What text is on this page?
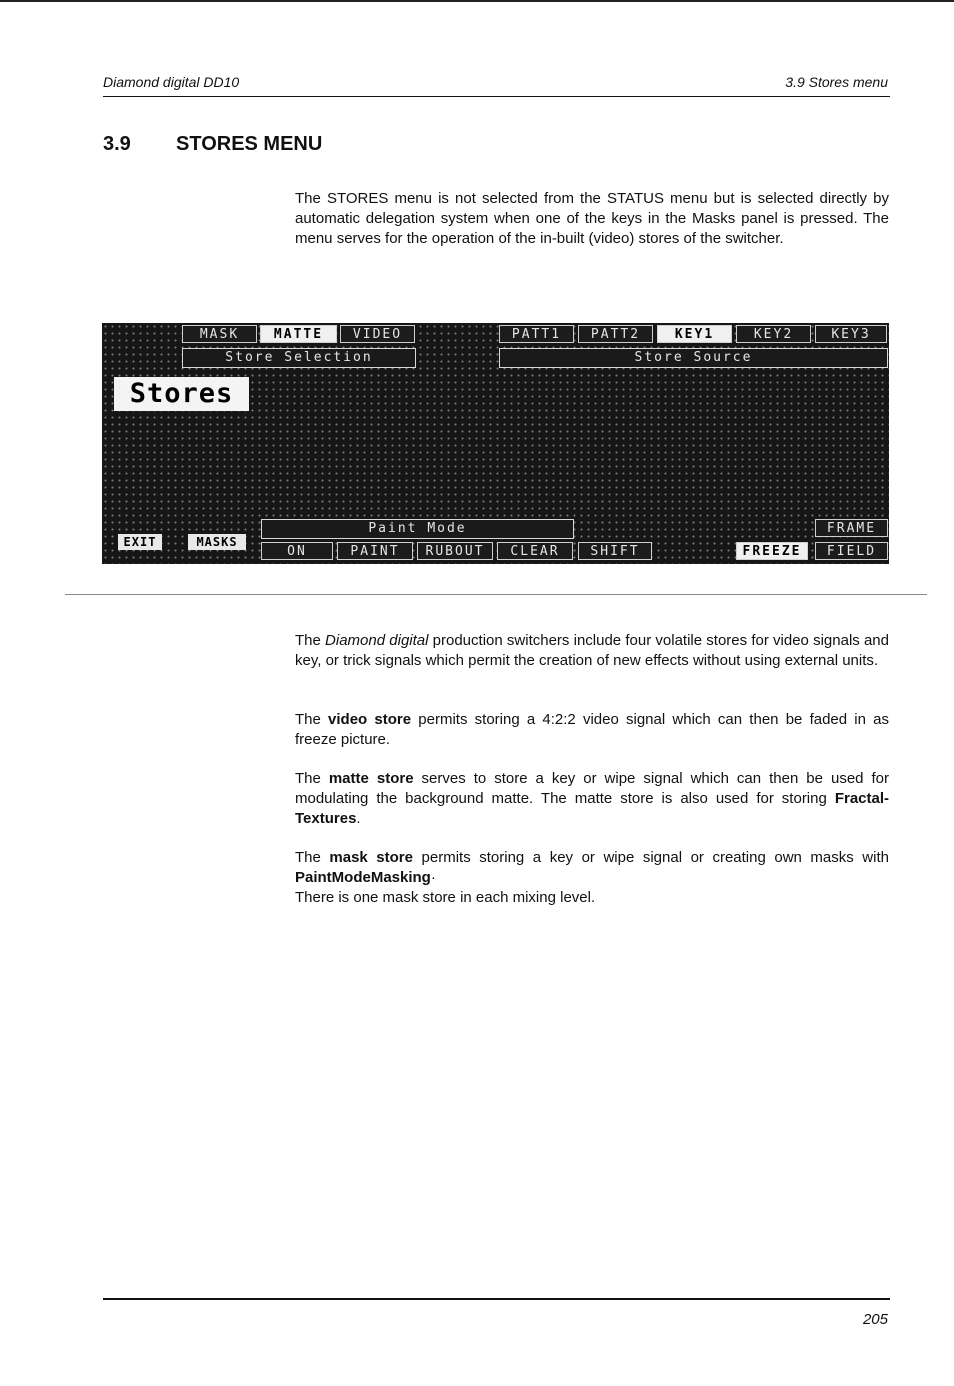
Diamond digital DD10	3.9 Stores menu
3.9 STORES MENU

The STORES menu is not selected from the STATUS menu but is selected directly by automatic delegation system when one of the keys in the Masks panel is pressed. The menu serves for the operation of the in-built (video) stores of the switcher.

MASK	MATTE	VIDEO	PATT1	PATT2	KEY1	KEY2	KEY3
Store Selection	Store Source
Stores
EXIT	MASKS
Paint Mode
ON	PAINT	RUBOUT	CLEAR	SHIFT	FREEZE
FRAME
FIELD

The Diamond digital production switchers include four volatile stores for video signals and key, or trick signals which permit the creation of new effects without using external units.

The video store permits storing a 4:2:2 video signal which can then be faded in as freeze picture.

The matte store serves to store a key or wipe signal which can then be used for modulating the background matte. The matte store is also used for storing Fractal-Textures.

The mask store permits storing a key or wipe signal or creating own masks with PaintModeMasking·
There is one mask store in each mixing level.

205
